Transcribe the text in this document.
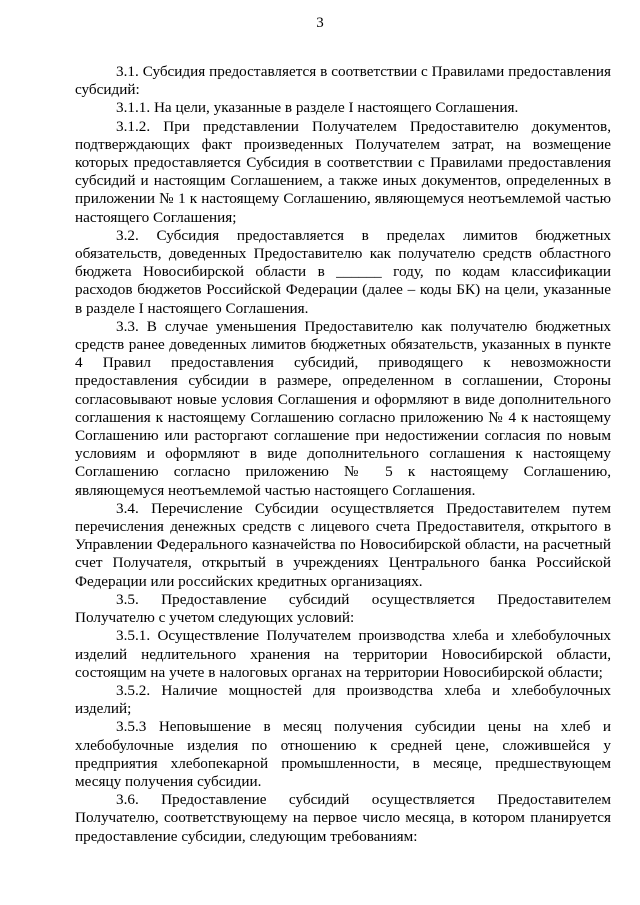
3

3.1. Субсидия предоставляется в соответствии с Правилами предоставления субсидий:

3.1.1. На цели, указанные в разделе I настоящего Соглашения.

3.1.2. При представлении Получателем Предоставителю документов, подтверждающих факт произведенных Получателем затрат, на возмещение которых предоставляется Субсидия в соответствии с Правилами предоставления субсидий и настоящим Соглашением, а также иных документов, определенных в приложении № 1 к настоящему Соглашению, являющемуся неотъемлемой частью настоящего Соглашения;

3.2. Субсидия предоставляется в пределах лимитов бюджетных обязательств, доведенных Предоставителю как получателю средств областного бюджета Новосибирской области в ______ году, по кодам классификации расходов бюджетов Российской Федерации (далее – коды БК) на цели, указанные в разделе I настоящего Соглашения.

3.3. В случае уменьшения Предоставителю как получателю бюджетных средств ранее доведенных лимитов бюджетных обязательств, указанных в пункте 4 Правил предоставления субсидий, приводящего к невозможности предоставления субсидии в размере, определенном в соглашении, Стороны согласовывают новые условия Соглашения и оформляют в виде дополнительного соглашения к настоящему Соглашению согласно приложению № 4 к настоящему Соглашению или расторгают соглашение при недостижении согласия по новым условиям и оформляют в виде дополнительного соглашения к настоящему Соглашению согласно приложению № 5 к настоящему Соглашению, являющемуся неотъемлемой частью настоящего Соглашения.

3.4. Перечисление Субсидии осуществляется Предоставителем путем перечисления денежных средств с лицевого счета Предоставителя, открытого в Управлении Федерального казначейства по Новосибирской области, на расчетный счет Получателя, открытый в учреждениях Центрального банка Российской Федерации или российских кредитных организациях.

3.5. Предоставление субсидий осуществляется Предоставителем Получателю с учетом следующих условий:

3.5.1. Осуществление Получателем производства хлеба и хлебобулочных изделий недлительного хранения на территории Новосибирской области, состоящим на учете в налоговых органах на территории Новосибирской области;

3.5.2. Наличие мощностей для производства хлеба и хлебобулочных изделий;

3.5.3 Неповышение в месяц получения субсидии цены на хлеб и хлебобулочные изделия по отношению к средней цене, сложившейся у предприятия хлебопекарной промышленности, в месяце, предшествующем месяцу получения субсидии.

3.6. Предоставление субсидий осуществляется Предоставителем Получателю, соответствующему на первое число месяца, в котором планируется предоставление субсидии, следующим требованиям:
